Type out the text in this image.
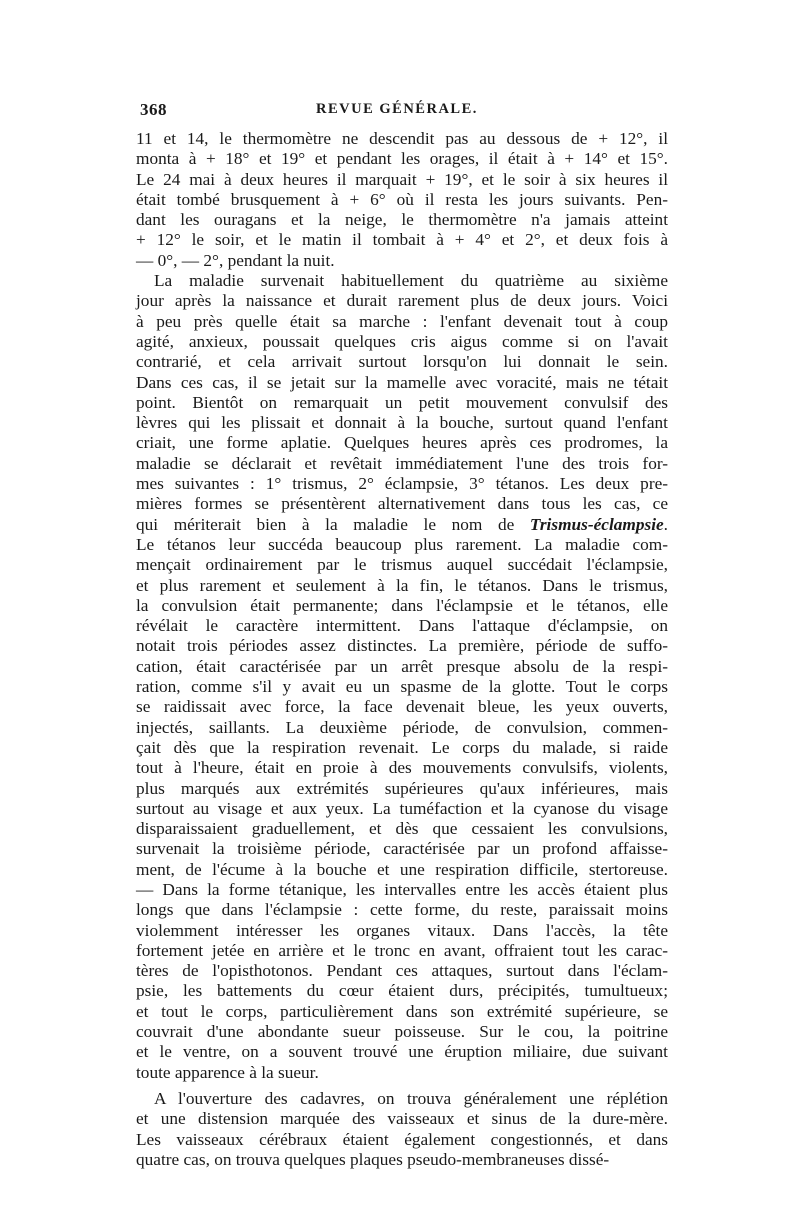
368	REVUE GÉNÉRALE.
11 et 14, le thermomètre ne descendit pas au dessous de + 12°, il
monta à + 18° et 19° et pendant les orages, il était à + 14° et 15°.
Le 24 mai à deux heures il marquait + 19°, et le soir à six heures il
était tombé brusquement à + 6° où il resta les jours suivants. Pen-
dant les ouragans et la neige, le thermomètre n'a jamais atteint
+ 12° le soir, et le matin il tombait à + 4° et 2°, et deux fois à
— 0°, — 2°, pendant la nuit.
La maladie survenait habituellement du quatrième au sixième
jour après la naissance et durait rarement plus de deux jours. Voici
à peu près quelle était sa marche : l'enfant devenait tout à coup
agité, anxieux, poussait quelques cris aigus comme si on l'avait
contrarié, et cela arrivait surtout lorsqu'on lui donnait le sein.
Dans ces cas, il se jetait sur la mamelle avec voracité, mais ne tétait
point. Bientôt on remarquait un petit mouvement convulsif des
lèvres qui les plissait et donnait à la bouche, surtout quand l'enfant
criait, une forme aplatie. Quelques heures après ces prodromes, la
maladie se déclarait et revêtait immédiatement l'une des trois for-
mes suivantes : 1° trismus, 2° éclampsie, 3° tétanos. Les deux pre-
mières formes se présentèrent alternativement dans tous les cas, ce
qui mériterait bien à la maladie le nom de Trismus-éclampsie.
Le tétanos leur succéda beaucoup plus rarement. La maladie com-
mençait ordinairement par le trismus auquel succédait l'éclampsie,
et plus rarement et seulement à la fin, le tétanos. Dans le trismus,
la convulsion était permanente; dans l'éclampsie et le tétanos, elle
révélait le caractère intermittent. Dans l'attaque d'éclampsie, on
notait trois périodes assez distinctes. La première, période de suffo-
cation, était caractérisée par un arrêt presque absolu de la respi-
ration, comme s'il y avait eu un spasme de la glotte. Tout le corps
se raidissait avec force, la face devenait bleue, les yeux ouverts,
injectés, saillants. La deuxième période, de convulsion, commen-
çait dès que la respiration revenait. Le corps du malade, si raide
tout à l'heure, était en proie à des mouvements convulsifs, violents,
plus marqués aux extrémités supérieures qu'aux inférieures, mais
surtout au visage et aux yeux. La tuméfaction et la cyanose du visage
disparaissaient graduellement, et dès que cessaient les convulsions,
survenait la troisième période, caractérisée par un profond affaisse-
ment, de l'écume à la bouche et une respiration difficile, stertoreuse.
— Dans la forme tétanique, les intervalles entre les accès étaient plus
longs que dans l'éclampsie : cette forme, du reste, paraissait moins
violemment intéresser les organes vitaux. Dans l'accès, la tête
fortement jetée en arrière et le tronc en avant, offraient tout les carac-
tères de l'opisthotonos. Pendant ces attaques, surtout dans l'éclam-
psie, les battements du cœur étaient durs, précipités, tumultueux;
et tout le corps, particulièrement dans son extrémité supérieure, se
couvrait d'une abondante sueur poisseuse. Sur le cou, la poitrine
et le ventre, on a souvent trouvé une éruption miliaire, due suivant
toute apparence à la sueur.
A l'ouverture des cadavres, on trouva généralement une réplétion
et une distension marquée des vaisseaux et sinus de la dure-mère.
Les vaisseaux cérébraux étaient également congestionnés, et dans
quatre cas, on trouva quelques plaques pseudo-membraneuses dissé-
